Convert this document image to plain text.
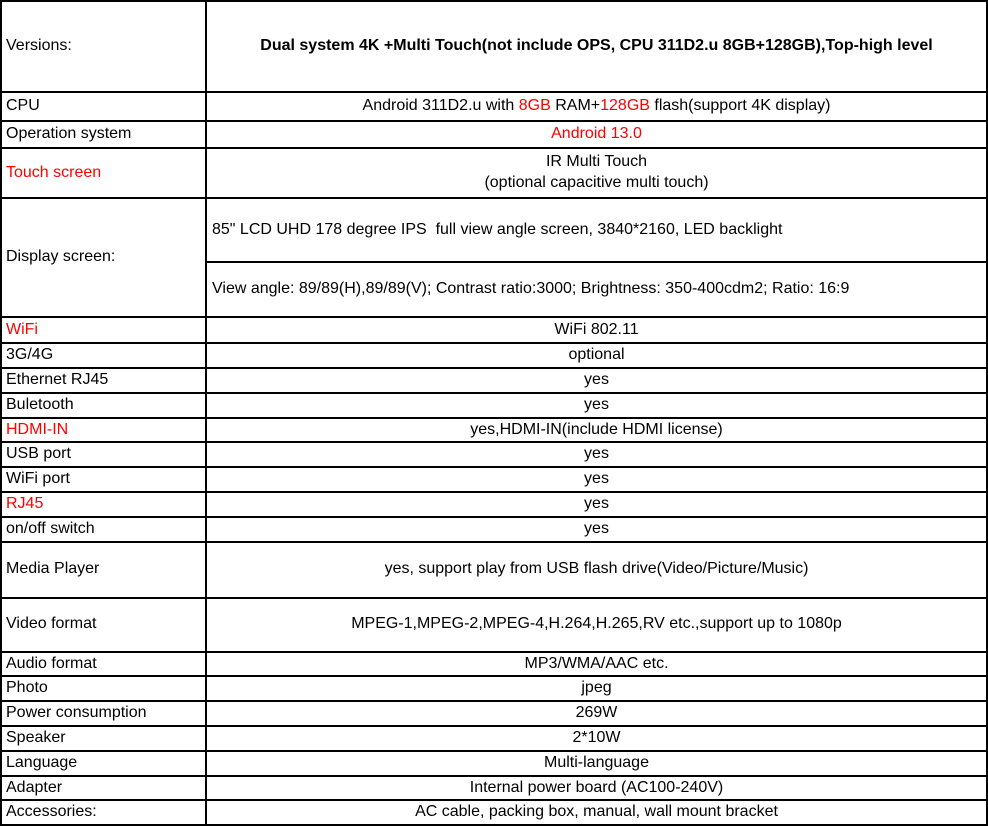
Versions:	Dual system 4K +Multi Touch(not include OPS, CPU 311D2.u 8GB+128GB),Top-high level
CPU	Android 311D2.u with 8GB RAM+128GB flash(support 4K display)
Operation system	Android 13.0
Touch screen	IR Multi Touch
(optional capacitive multi touch)

Display screen:	85" LCD UHD 178 degree IPS  full view angle screen, 3840*2160, LED backlight
	View angle: 89/89(H),89/89(V); Contrast ratio:3000; Brightness: 350-400cdm2; Ratio: 16:9
WiFi	WiFi 802.11
3G/4G	optional
Ethernet RJ45	yes
Buletooth	yes
HDMI-IN	yes,HDMI-IN(include HDMI license)
USB port	yes
WiFi port	yes
RJ45	yes
on/off switch	yes
Media Player	yes, support play from USB flash drive(Video/Picture/Music)
Video format	MPEG-1,MPEG-2,MPEG-4,H.264,H.265,RV etc.,support up to 1080p
Audio format	MP3/WMA/AAC etc.
Photo	jpeg
Power consumption	269W
Speaker	2*10W
Language	Multi-language
Adapter	Internal power board (AC100-240V)
Accessories:	AC cable, packing box, manual, wall mount bracket
